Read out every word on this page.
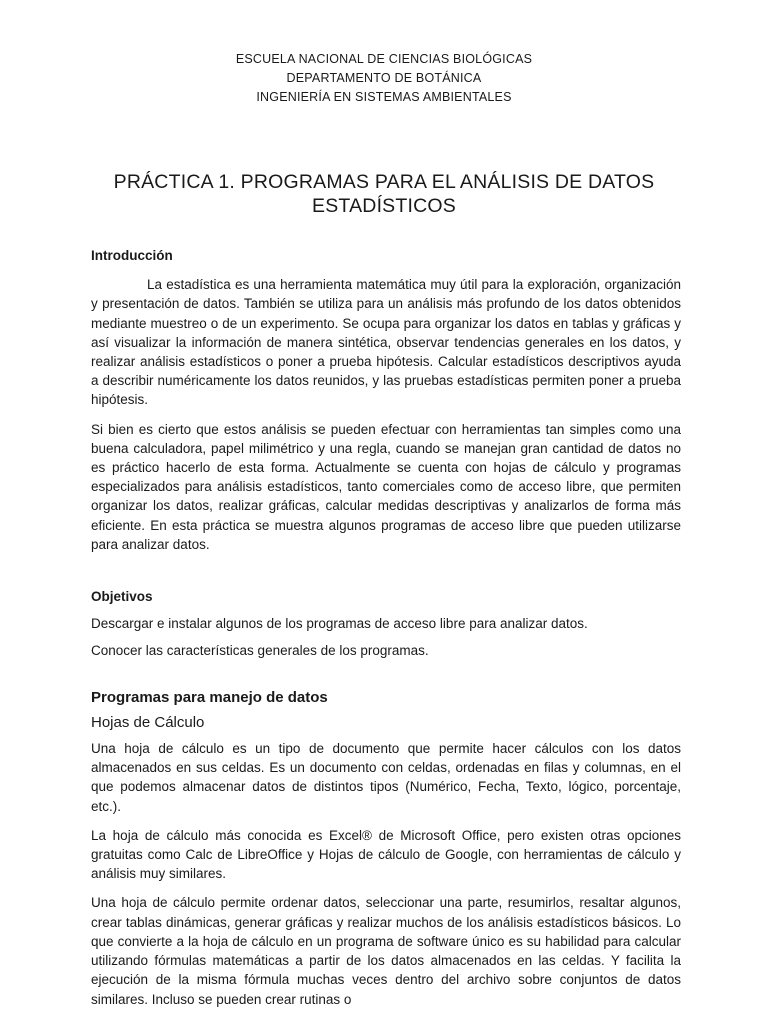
ESCUELA NACIONAL DE CIENCIAS BIOLÓGICAS
DEPARTAMENTO DE BOTÁNICA
INGENIERÍA EN SISTEMAS AMBIENTALES
PRÁCTICA 1. PROGRAMAS PARA EL ANÁLISIS DE DATOS ESTADÍSTICOS

Introducción

La estadística es una herramienta matemática muy útil para la exploración, organización y presentación de datos. También se utiliza para un análisis más profundo de los datos obtenidos mediante muestreo o de un experimento. Se ocupa para organizar los datos en tablas y gráficas y así visualizar la información de manera sintética, observar tendencias generales en los datos, y realizar análisis estadísticos o poner a prueba hipótesis. Calcular estadísticos descriptivos ayuda a describir numéricamente los datos reunidos, y las pruebas estadísticas permiten poner a prueba hipótesis.

Si bien es cierto que estos análisis se pueden efectuar con herramientas tan simples como una buena calculadora, papel milimétrico y una regla, cuando se manejan gran cantidad de datos no es práctico hacerlo de esta forma. Actualmente se cuenta con hojas de cálculo y programas especializados para análisis estadísticos, tanto comerciales como de acceso libre, que permiten organizar los datos, realizar gráficas, calcular medidas descriptivas y analizarlos de forma más eficiente. En esta práctica se muestra algunos programas de acceso libre que pueden utilizarse para analizar datos.

Objetivos

Descargar e instalar algunos de los programas de acceso libre para analizar datos.

Conocer las características generales de los programas.

Programas para manejo de datos

Hojas de Cálculo

Una hoja de cálculo es un tipo de documento que permite hacer cálculos con los datos almacenados en sus celdas. Es un documento con celdas, ordenadas en filas y columnas, en el que podemos almacenar datos de distintos tipos (Numérico, Fecha, Texto, lógico, porcentaje, etc.).

La hoja de cálculo más conocida es Excel® de Microsoft Office, pero existen otras opciones gratuitas como Calc de LibreOffice y Hojas de cálculo de Google, con herramientas de cálculo y análisis muy similares.

Una hoja de cálculo permite ordenar datos, seleccionar una parte, resumirlos, resaltar algunos, crear tablas dinámicas, generar gráficas y realizar muchos de los análisis estadísticos básicos. Lo que convierte a la hoja de cálculo en un programa de software único es su habilidad para calcular utilizando fórmulas matemáticas a partir de los datos almacenados en las celdas. Y facilita la ejecución de la misma fórmula muchas veces dentro del archivo sobre conjuntos de datos similares. Incluso se pueden crear rutinas o
